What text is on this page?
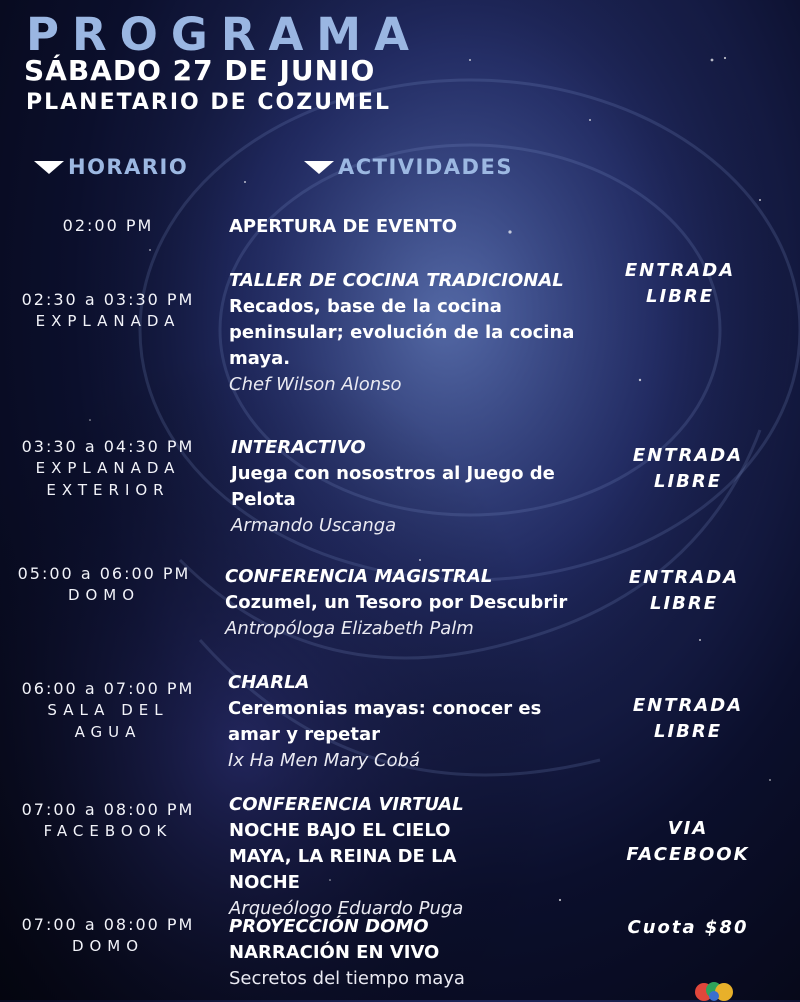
PROGRAMA
SÁBADO 27 DE JUNIO
PLANETARIO DE COZUMEL
HORARIO	ACTIVIDADES
02:00 PM	APERTURA DE EVENTO
02:30 a 03:30 PM
EXPLANADA
TALLER DE COCINA TRADICIONAL
Recados, base de la cocina peninsular; evolución de la cocina maya.
Chef Wilson Alonso
ENTRADA LIBRE
03:30 a 04:30 PM
EXPLANADA EXTERIOR
INTERACTIVO
Juega con nosostros al Juego de Pelota
Armando Uscanga
ENTRADA LIBRE
05:00 a 06:00 PM
DOMO
CONFERENCIA MAGISTRAL
Cozumel, un Tesoro por Descubrir
Antropóloga Elizabeth Palm
ENTRADA LIBRE
06:00 a 07:00 PM
SALA DEL AGUA
CHARLA
Ceremonias mayas: conocer es amar y repetar
Ix Ha Men Mary Cobá
ENTRADA LIBRE
07:00 a 08:00 PM
FACEBOOK
CONFERENCIA VIRTUAL
NOCHE BAJO EL CIELO MAYA, LA REINA DE LA NOCHE
Arqueólogo Eduardo Puga
VIA FACEBOOK
07:00 a 08:00 PM
DOMO
PROYECCIÓN DOMO
NARRACIÓN EN VIVO
Secretos del tiempo maya
Cuota $80
